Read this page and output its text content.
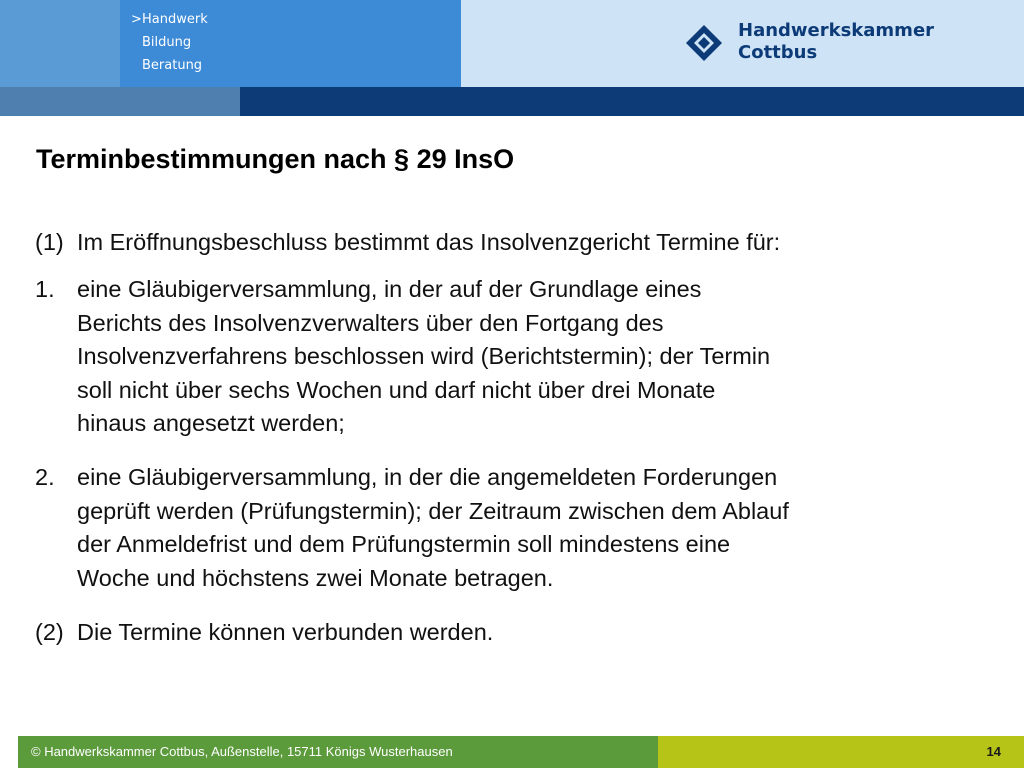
>Handwerk
Bildung
Beratung
Handwerkskammer
Cottbus
Terminbestimmungen nach § 29 InsO
(1) Im Eröffnungsbeschluss bestimmt das Insolvenzgericht Termine für:
1. eine Gläubigerversammlung, in der auf der Grundlage eines
Berichts des Insolvenzverwalters über den Fortgang des
Insolvenzverfahrens beschlossen wird (Berichtstermin); der Termin
soll nicht über sechs Wochen und darf nicht über drei Monate
hinaus angesetzt werden;
2. eine Gläubigerversammlung, in der die angemeldeten Forderungen
geprüft werden (Prüfungstermin); der Zeitraum zwischen dem Ablauf
der Anmeldefrist und dem Prüfungstermin soll mindestens eine
Woche und höchstens zwei Monate betragen.
(2) Die Termine können verbunden werden.
© Handwerkskammer Cottbus, Außenstelle, 15711 Königs Wusterhausen	14
